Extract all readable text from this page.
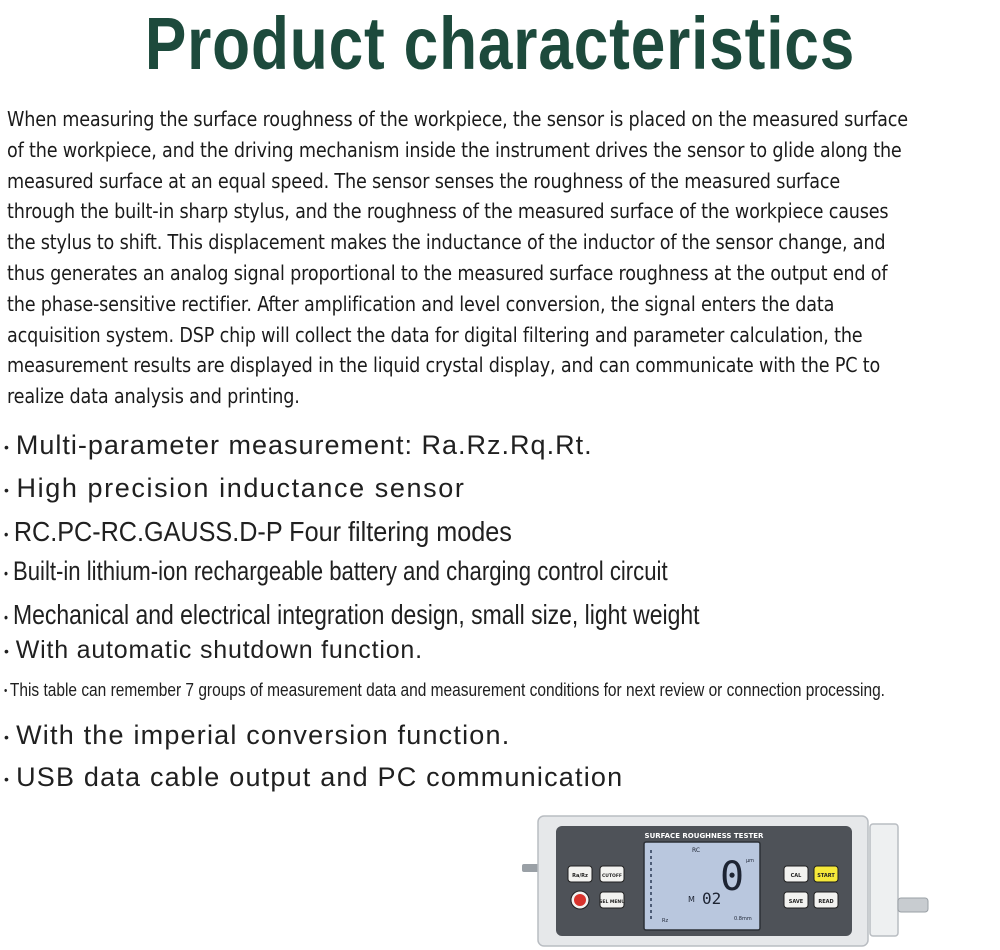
Product characteristics
When measuring the surface roughness of the workpiece, the sensor is placed on the measured surface
of the workpiece, and the driving mechanism inside the instrument drives the sensor to glide along the
measured surface at an equal speed. The sensor senses the roughness of the measured surface
through the built-in sharp stylus, and the roughness of the measured surface of the workpiece causes
the stylus to shift. This displacement makes the inductance of the inductor of the sensor change, and
thus generates an analog signal proportional to the measured surface roughness at the output end of
the phase-sensitive rectifier. After amplification and level conversion, the signal enters the data
acquisition system. DSP chip will collect the data for digital filtering and parameter calculation, the
measurement results are displayed in the liquid crystal display, and can communicate with the PC to
realize data analysis and printing.
• Multi-parameter measurement: Ra.Rz.Rq.Rt.
• High precision inductance sensor
• RC.PC-RC.GAUSS.D-P Four filtering modes
• Built-in lithium-ion rechargeable battery and charging control circuit
• Mechanical and electrical integration design, small size, light weight
• With automatic shutdown function.
• This table can remember 7 groups of measurement data and measurement conditions for next review or connection processing.
• With the imperial conversion function.
• USB data cable output and PC communication
SURFACE ROUGHNESS TESTER
RC
0 µm
M 02
Rz	0.8mm
Ra/Rz	CUTOFF
SEL MENU
CAL	START
SAVE	READ
